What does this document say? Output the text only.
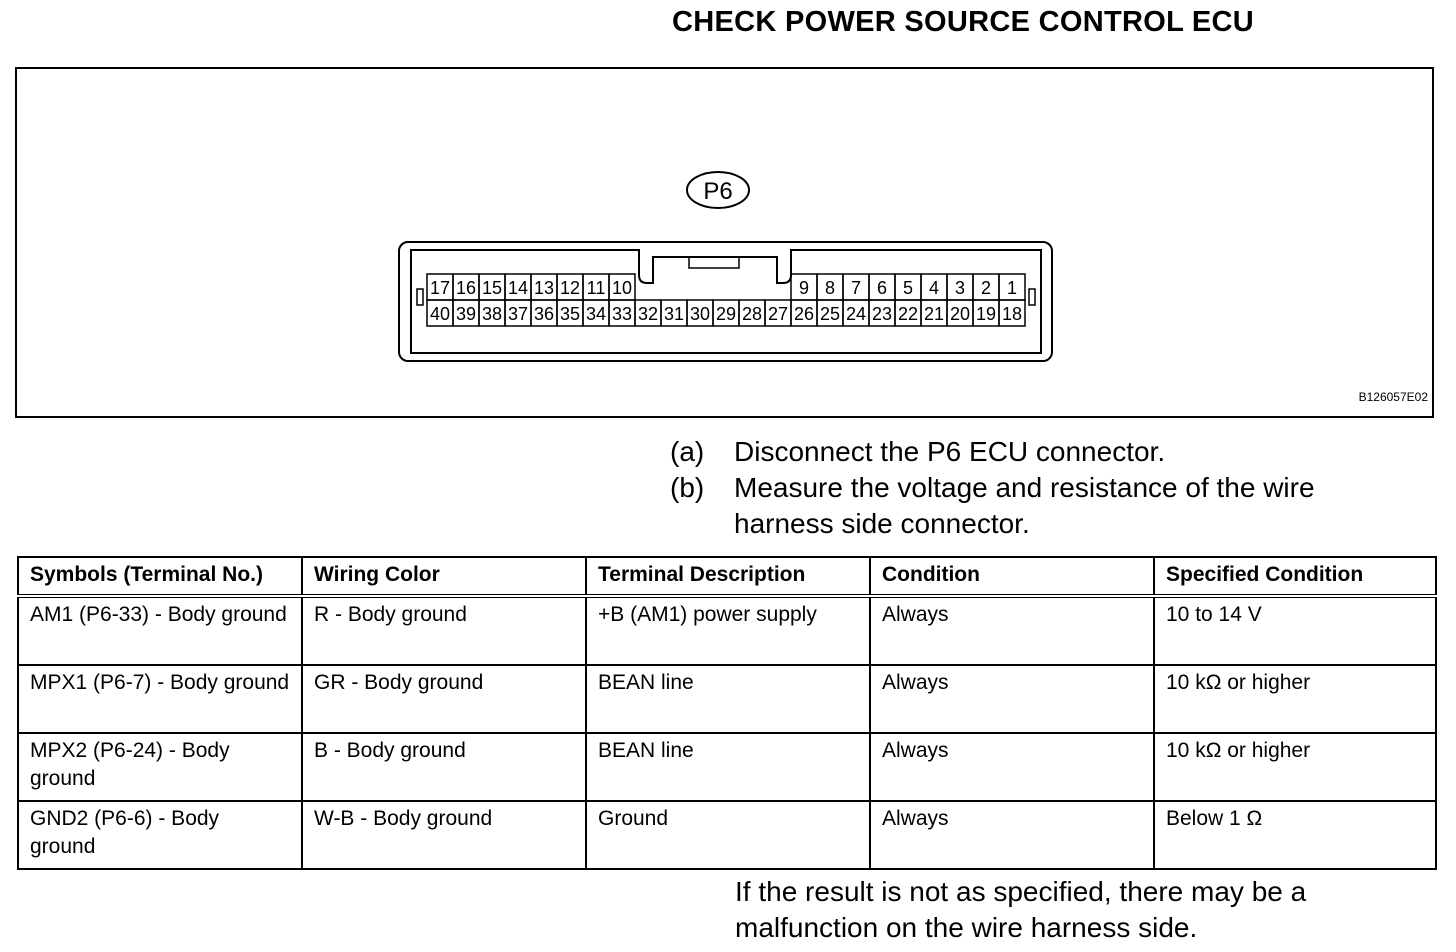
CHECK POWER SOURCE CONTROL ECU
P6
17 16 15 14 13 12 11 10	9 8 7 6 5 4 3 2 1
40 39 38 37 36 35 34 33 32 31 30 29 28 27 26 25 24 23 22 21 20 19 18
B126057E02
(a)	Disconnect the P6 ECU connector.
(b)	Measure the voltage and resistance of the wire harness side connector.
Symbols (Terminal No.)	Wiring Color	Terminal Description	Condition	Specified Condition
AM1 (P6-33) - Body ground	R - Body ground	+B (AM1) power supply	Always	10 to 14 V
MPX1 (P6-7) - Body ground	GR - Body ground	BEAN line	Always	10 kΩ or higher
MPX2 (P6-24) - Body ground	B - Body ground	BEAN line	Always	10 kΩ or higher
GND2 (P6-6) - Body ground	W-B - Body ground	Ground	Always	Below 1 Ω
If the result is not as specified, there may be a malfunction on the wire harness side.
